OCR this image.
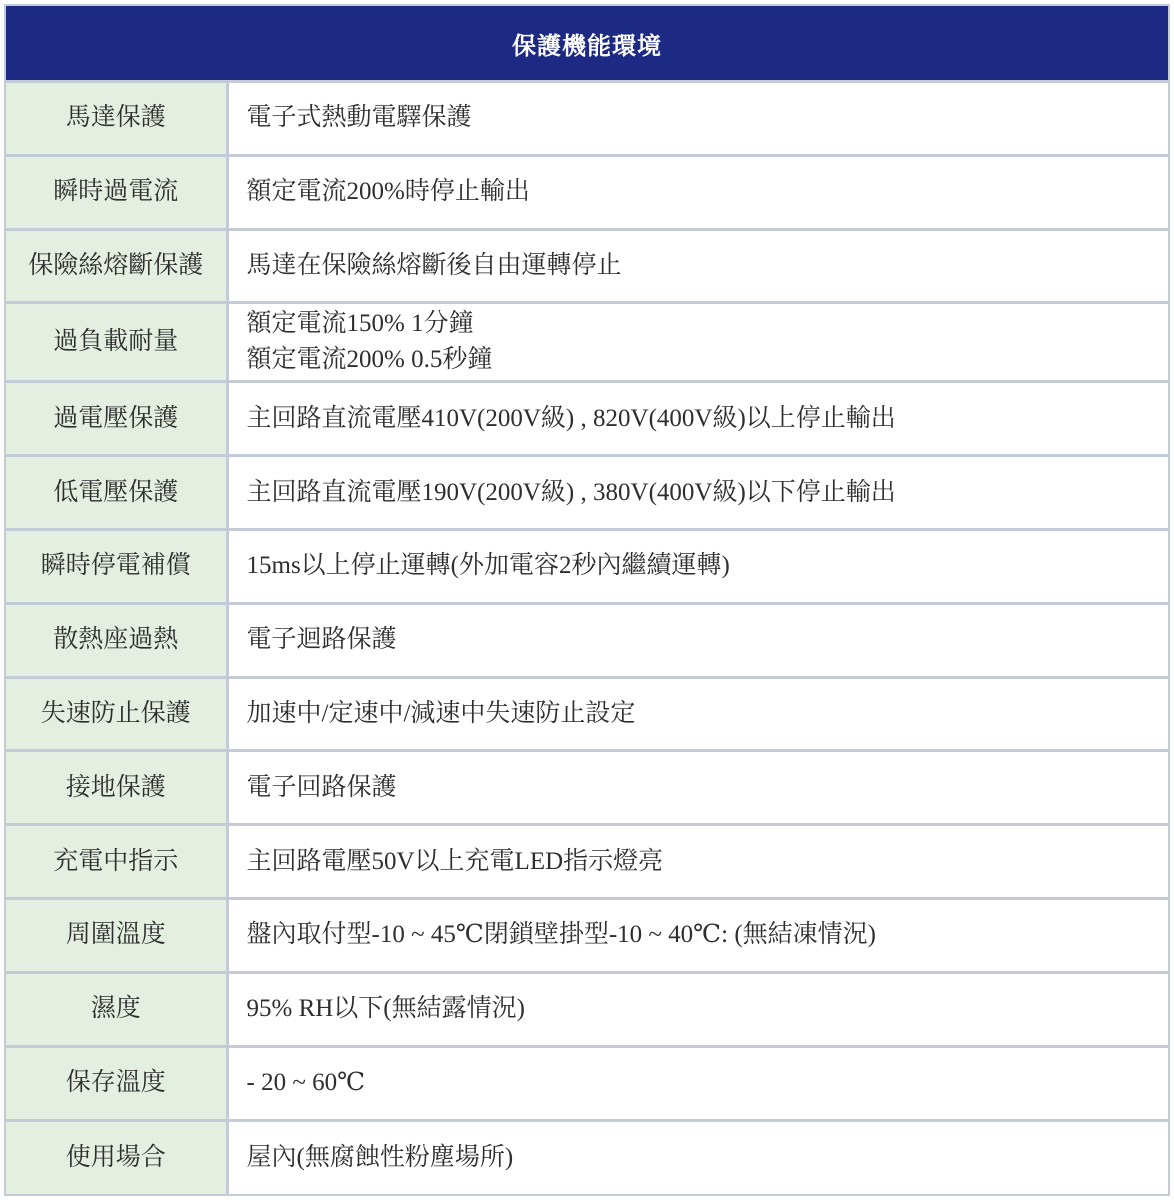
保護機能環境	
馬達保護	電子式熱動電驛保護
瞬時過電流	額定電流200%時停止輸出
保險絲熔斷保護	馬達在保險絲熔斷後自由運轉停止
過負載耐量	額定電流150% 1分鐘
額定電流200% 0.5秒鐘

過電壓保護	主回路直流電壓410V(200V級) , 820V(400V級)以上停止輸出
低電壓保護	主回路直流電壓190V(200V級) , 380V(400V級)以下停止輸出
瞬時停電補償	15ms以上停止運轉(外加電容2秒內繼續運轉)
散熱座過熱	電子迴路保護
失速防止保護	加速中/定速中/減速中失速防止設定
接地保護	電子回路保護
充電中指示	主回路電壓50V以上充電LED指示燈亮
周圍溫度	盤內取付型-10 ~ 45℃閉鎖壁掛型-10 ~ 40℃: (無結凍情況)
濕度	95% RH以下(無結露情況)
保存溫度	- 20 ~ 60℃
使用場合	屋內(無腐蝕性粉塵場所)
